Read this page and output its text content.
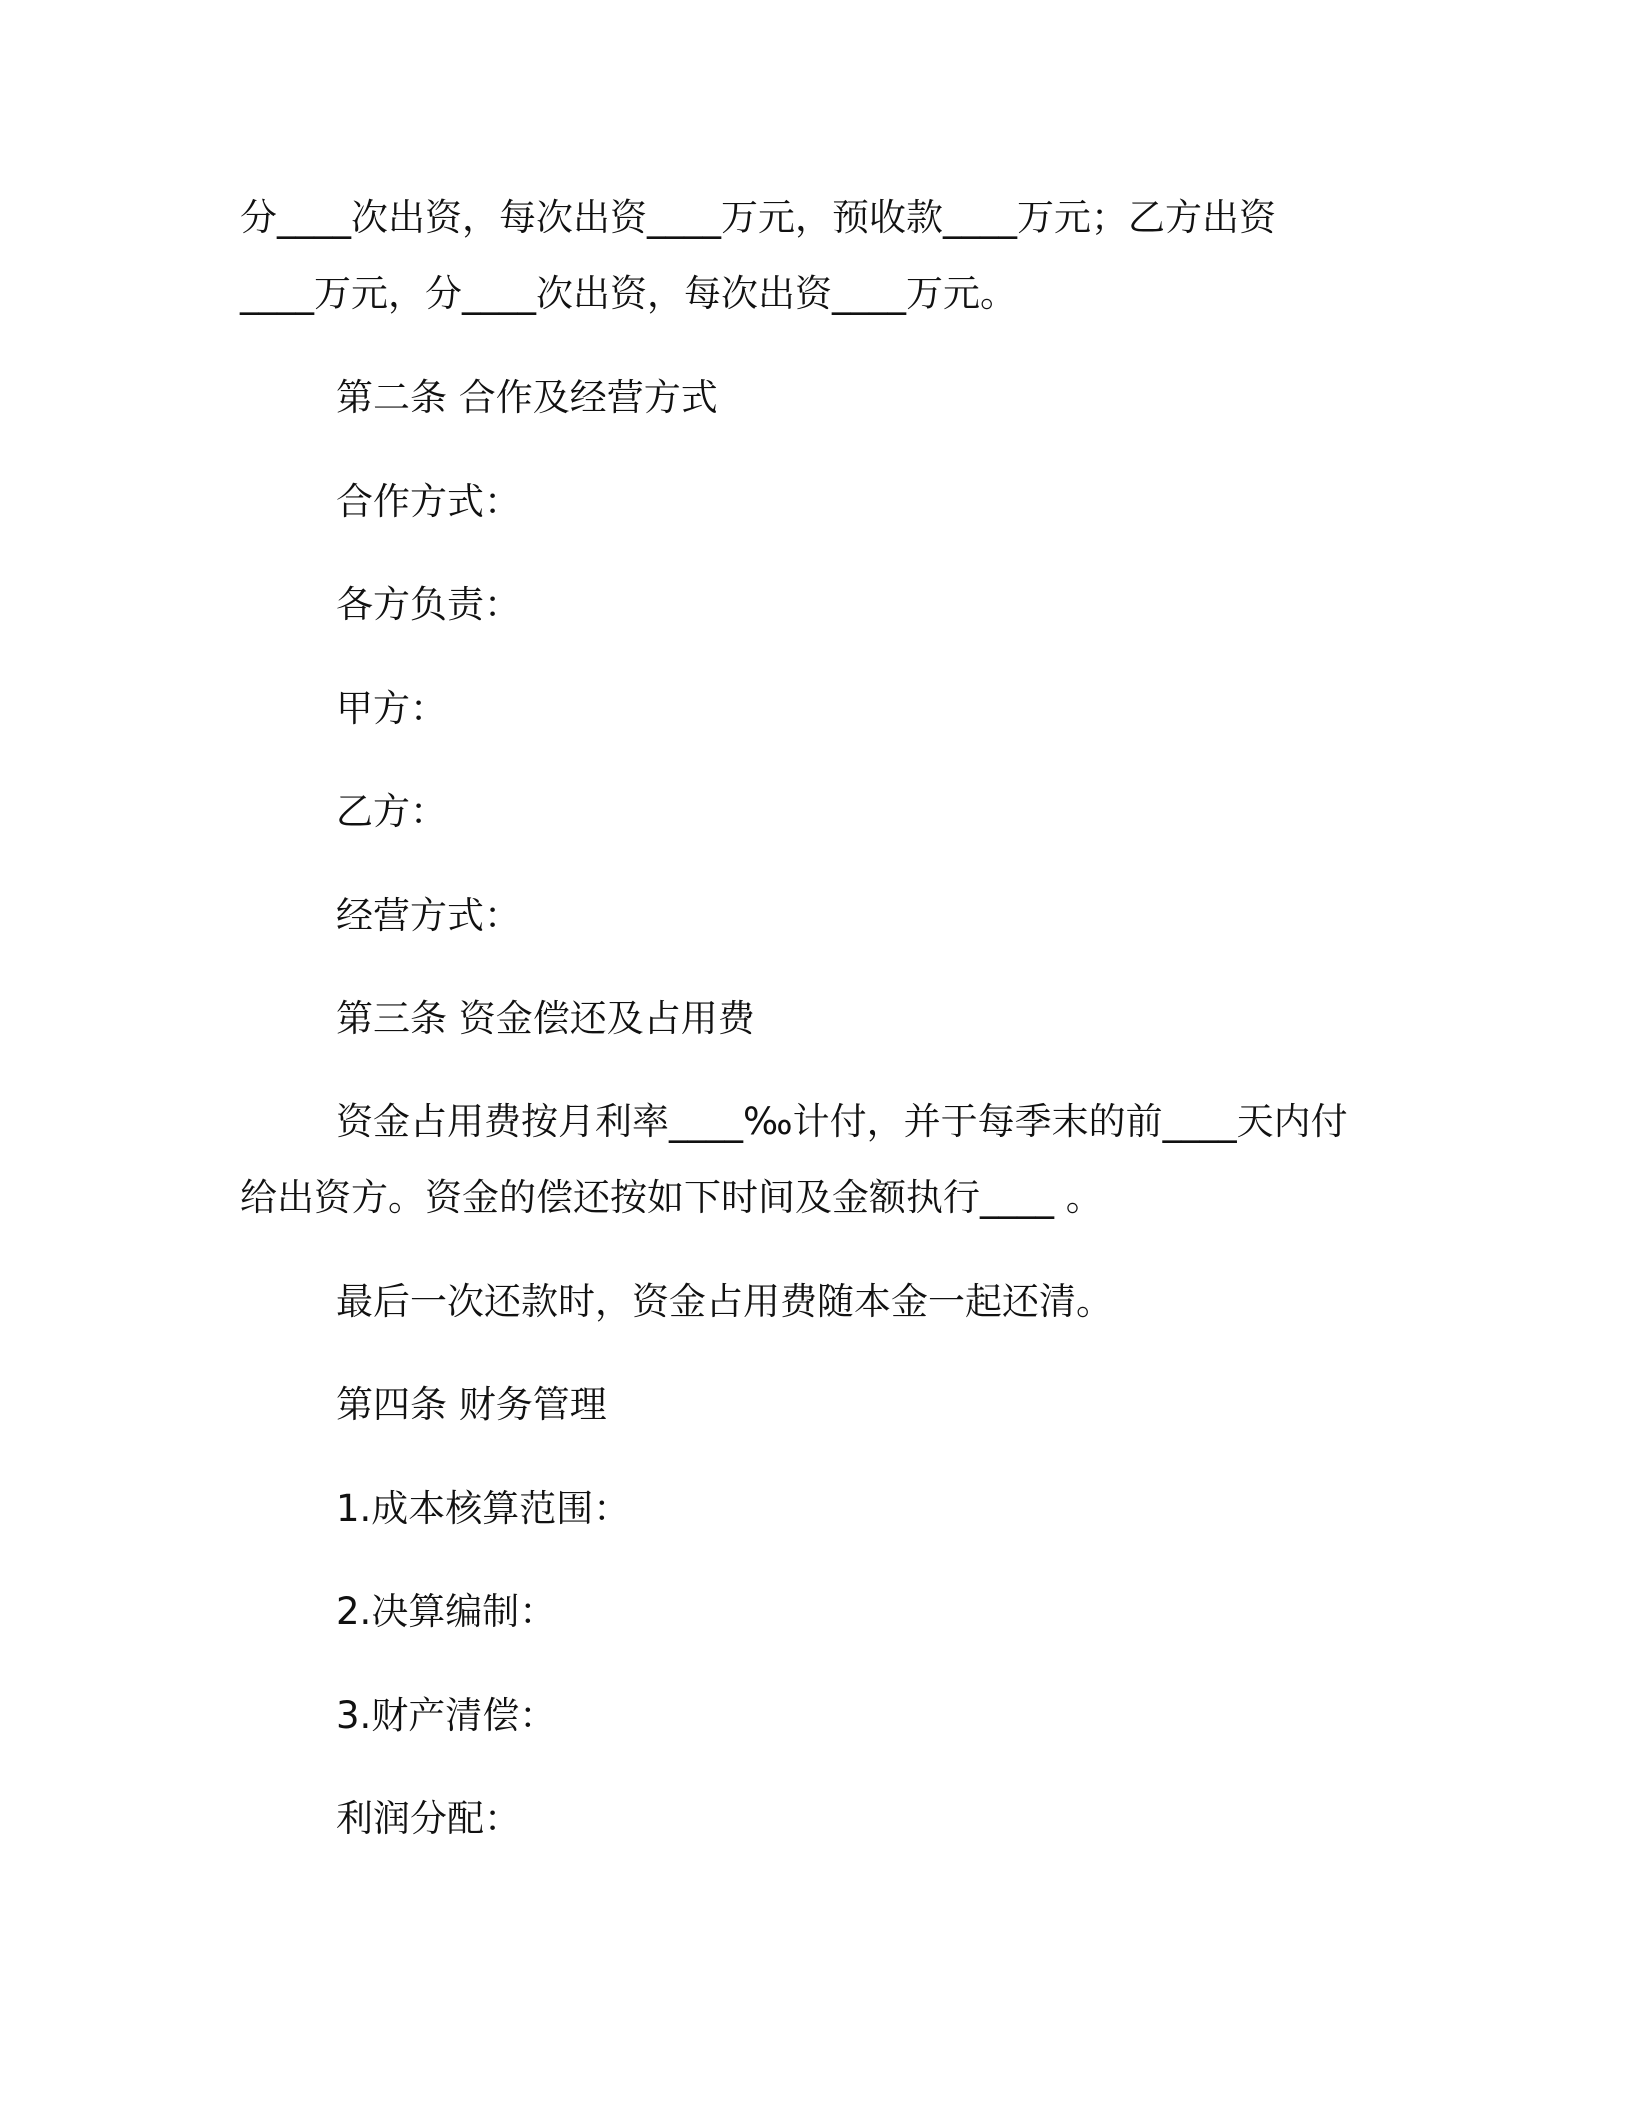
分____次出资，每次出资____万元，预收款____万元；乙方出资
____万元，分____次出资，每次出资____万元。
第二条 合作及经营方式
合作方式：
各方负责：
甲方：
乙方：
经营方式：
第三条 资金偿还及占用费
资金占用费按月利率____‰计付，并于每季末的前____天内付
给出资方。资金的偿还按如下时间及金额执行____ 。
最后一次还款时，资金占用费随本金一起还清。
第四条 财务管理
1.成本核算范围：
2.决算编制：
3.财产清偿：
利润分配：
